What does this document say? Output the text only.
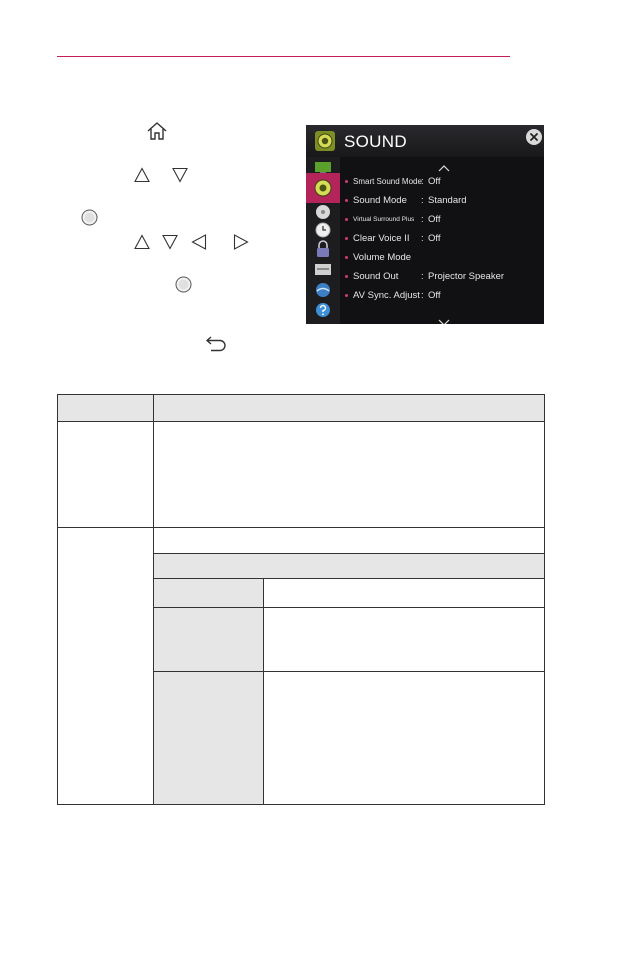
SOUND
Smart Sound Mode : Off
Sound Mode : Standard
Virtual Surround Plus : Off
Clear Voice II : Off
Volume Mode
Sound Out : Projector Speaker
AV Sync. Adjust : Off
